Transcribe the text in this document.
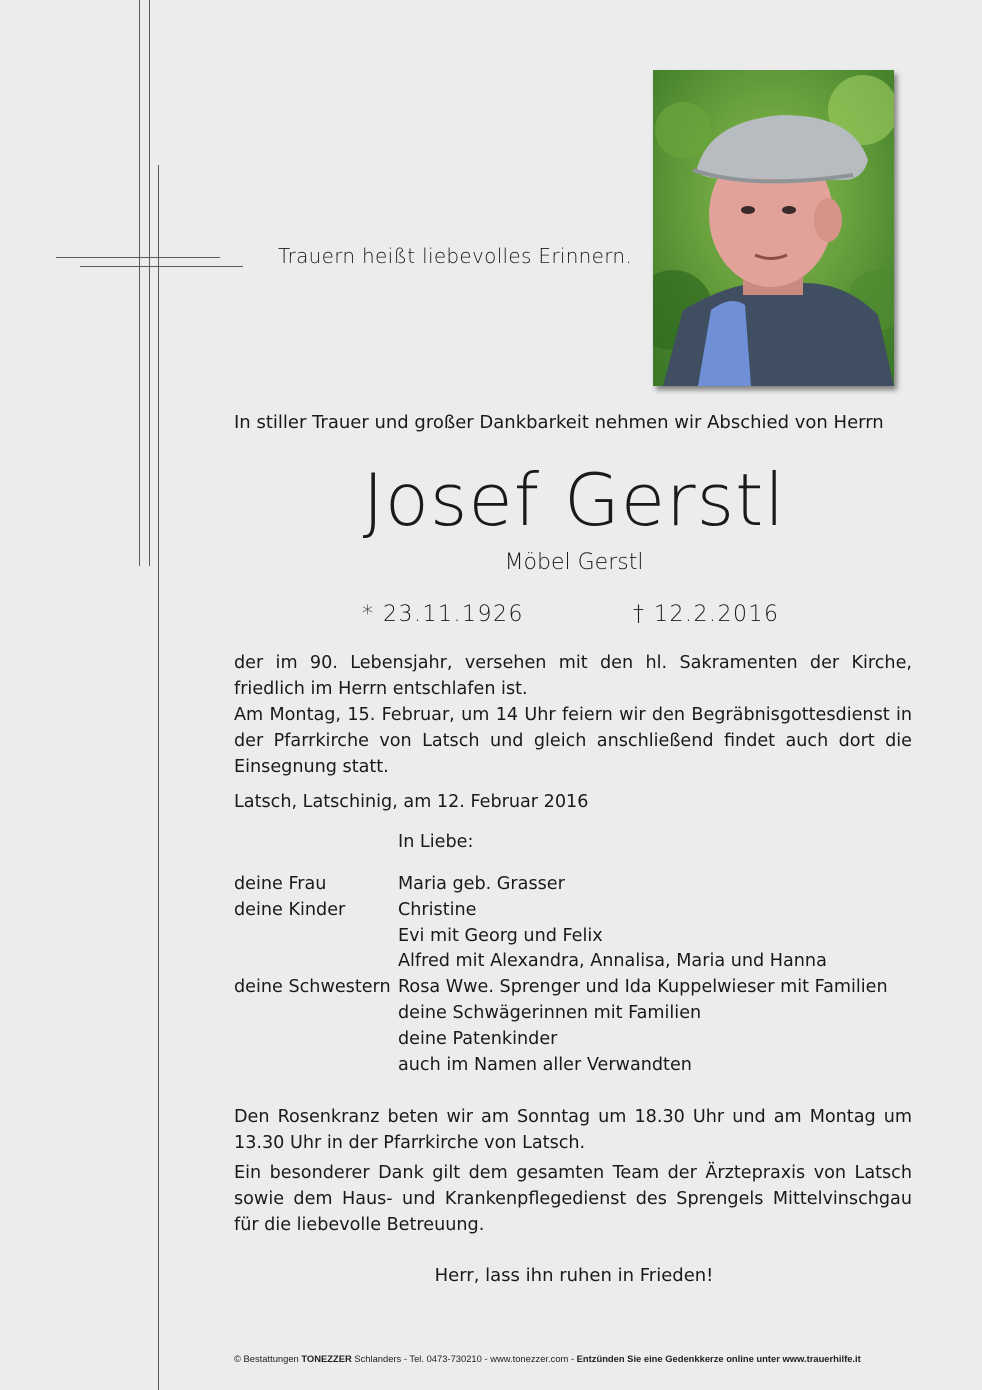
Trauern heißt liebevolles Erinnern.
In stiller Trauer und großer Dankbarkeit nehmen wir Abschied von Herrn
Josef Gerstl
Möbel Gerstl
* 23.11.1926	† 12.2.2016
der im 90. Lebensjahr, versehen mit den hl. Sakramenten der Kirche, friedlich im Herrn entschlafen ist.
Am Montag, 15. Februar, um 14 Uhr feiern wir den Begräbnisgottesdienst in der Pfarrkirche von Latsch und gleich anschließend findet auch dort die Einsegnung statt.
Latsch, Latschinig, am 12. Februar 2016
In Liebe:
deine Frau	Maria geb. Grasser
deine Kinder	Christine
Evi mit Georg und Felix
Alfred mit Alexandra, Annalisa, Maria und Hanna
deine Schwestern Rosa Wwe. Sprenger und Ida Kuppelwieser mit Familien
deine Schwägerinnen mit Familien
deine Patenkinder
auch im Namen aller Verwandten
Den Rosenkranz beten wir am Sonntag um 18.30 Uhr und am Montag um 13.30 Uhr in der Pfarrkirche von Latsch.
Ein besonderer Dank gilt dem gesamten Team der Ärztepraxis von Latsch sowie dem Haus- und Krankenpflegedienst des Sprengels Mittelvinschgau für die liebevolle Betreuung.
Herr, lass ihn ruhen in Frieden!
© Bestattungen TONEZZER Schlanders - Tel. 0473-730210 - www.tonezzer.com - Entzünden Sie eine Gedenkkerze online unter www.trauerhilfe.it
